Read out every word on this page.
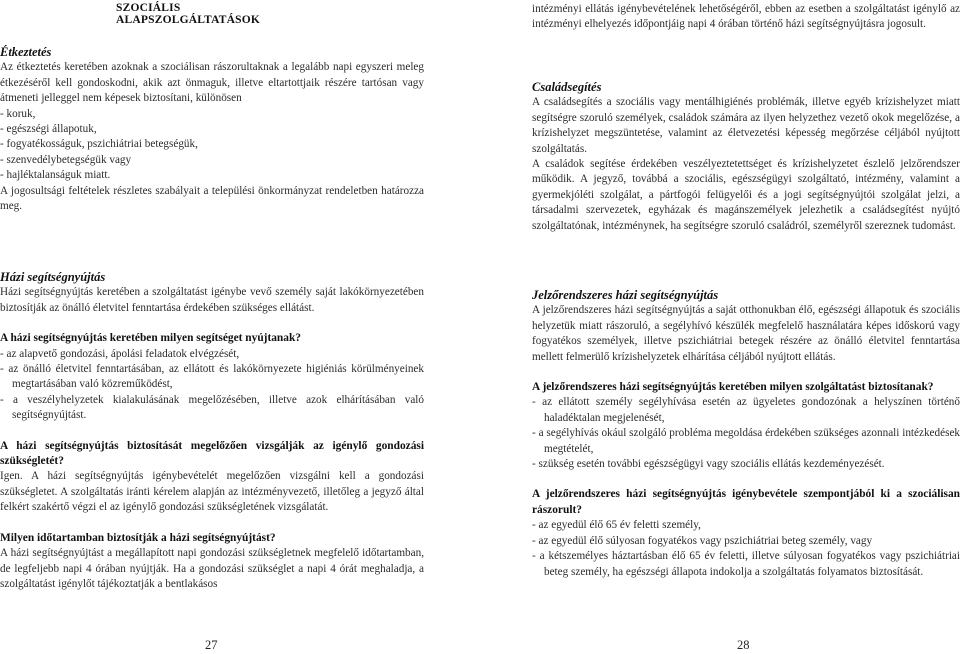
SZOCIÁLIS ALAPSZOLGÁLTATÁSOK

Étkeztetés

Az étkeztetés keretében azoknak a szociálisan rászorultaknak a legalább napi egyszeri meleg étkezéséről kell gondoskodni, akik azt önmaguk, illetve eltartottjaik részére tartósan vagy átmeneti jelleggel nem képesek biztosítani, különösen

- koruk,
- egészségi állapotuk,
- fogyatékosságuk, pszichiátriai betegségük,
- szenvedélybetegségük vagy
- hajléktalanságuk miatt.

A jogosultsági feltételek részletes szabályait a települési önkormányzat rendeletben határozza meg.

Házi segítségnyújtás

Házi segítségnyújtás keretében a szolgáltatást igénybe vevő személy saját lakókörnyezetében biztosítják az önálló életvitel fenntartása érdekében szükséges ellátást.

A házi segítségnyújtás keretében milyen segítséget nyújtanak?

- az alapvető gondozási, ápolási feladatok elvégzését,
- az önálló életvitel fenntartásában, az ellátott és lakókörnyezete higiéniás körülményeinek megtartásában való közreműködést,
- a veszélyhelyzetek kialakulásának megelőzésében, illetve azok elhárításában való segítségnyújtást.

A házi segítségnyújtás biztosítását megelőzően vizsgálják az igénylő gondozási szükségletét?

Igen. A házi segítségnyújtás igénybevételét megelőzően vizsgálni kell a gondozási szükségletet. A szolgáltatás iránti kérelem alapján az intézményvezető, illetőleg a jegyző által felkért szakértő végzi el az igénylő gondozási szükségletének vizsgálatát.

Milyen időtartamban biztosítják a házi segítségnyújtást?

A házi segítségnyújtást a megállapított napi gondozási szükségletnek megfelelő időtartamban, de legfeljebb napi 4 órában nyújtják. Ha a gondozási szükséglet a napi 4 órát meghaladja, a szolgáltatást igénylőt tájékoztatják a bentlakásos

27

intézményi ellátás igénybevételének lehetőségéről, ebben az esetben a szolgáltatást igénylő az intézményi elhelyezés időpontjáig napi 4 órában történő házi segítségnyújtásra jogosult.

Családsegítés

A családsegítés a szociális vagy mentálhigiénés problémák, illetve egyéb krízishelyzet miatt segítségre szoruló személyek, családok számára az ilyen helyzethez vezető okok megelőzése, a krízishelyzet megszüntetése, valamint az életvezetési képesség megőrzése céljából nyújtott szolgáltatás.

A családok segítése érdekében veszélyeztetettséget és krízishelyzetet észlelő jelzőrendszer működik. A jegyző, továbbá a szociális, egészségügyi szolgáltató, intézmény, valamint a gyermekjóléti szolgálat, a pártfogói felügyelői és a jogi segítségnyújtói szolgálat jelzi, a társadalmi szervezetek, egyházak és magánszemélyek jelezhetik a családsegítést nyújtó szolgáltatónak, intézménynek, ha segítségre szoruló családról, személyről szereznek tudomást.

Jelzőrendszeres házi segítségnyújtás

A jelzőrendszeres házi segítségnyújtás a saját otthonukban élő, egészségi állapotuk és szociális helyzetük miatt rászoruló, a segélyhívó készülék megfelelő használatára képes időskorú vagy fogyatékos személyek, illetve pszichiátriai betegek részére az önálló életvitel fenntartása mellett felmerülő krízishelyzetek elhárítása céljából nyújtott ellátás.

A jelzőrendszeres házi segítségnyújtás keretében milyen szolgáltatást biztosítanak?

- az ellátott személy segélyhívása esetén az ügyeletes gondozónak a helyszínen történő haladéktalan megjelenését,
- a segélyhívás okául szolgáló probléma megoldása érdekében szükséges azonnali intézkedések megtételét,
- szükség esetén további egészségügyi vagy szociális ellátás kezdeményezését.

A jelzőrendszeres házi segítségnyújtás igénybevétele szempontjából ki a szociálisan rászorult?

- az egyedül élő 65 év feletti személy,
- az egyedül élő súlyosan fogyatékos vagy pszichiátriai beteg személy, vagy
- a kétszemélyes háztartásban élő 65 év feletti, illetve súlyosan fogyatékos vagy pszichiátriai beteg személy, ha egészségi állapota indokolja a szolgáltatás folyamatos biztosítását.
28
